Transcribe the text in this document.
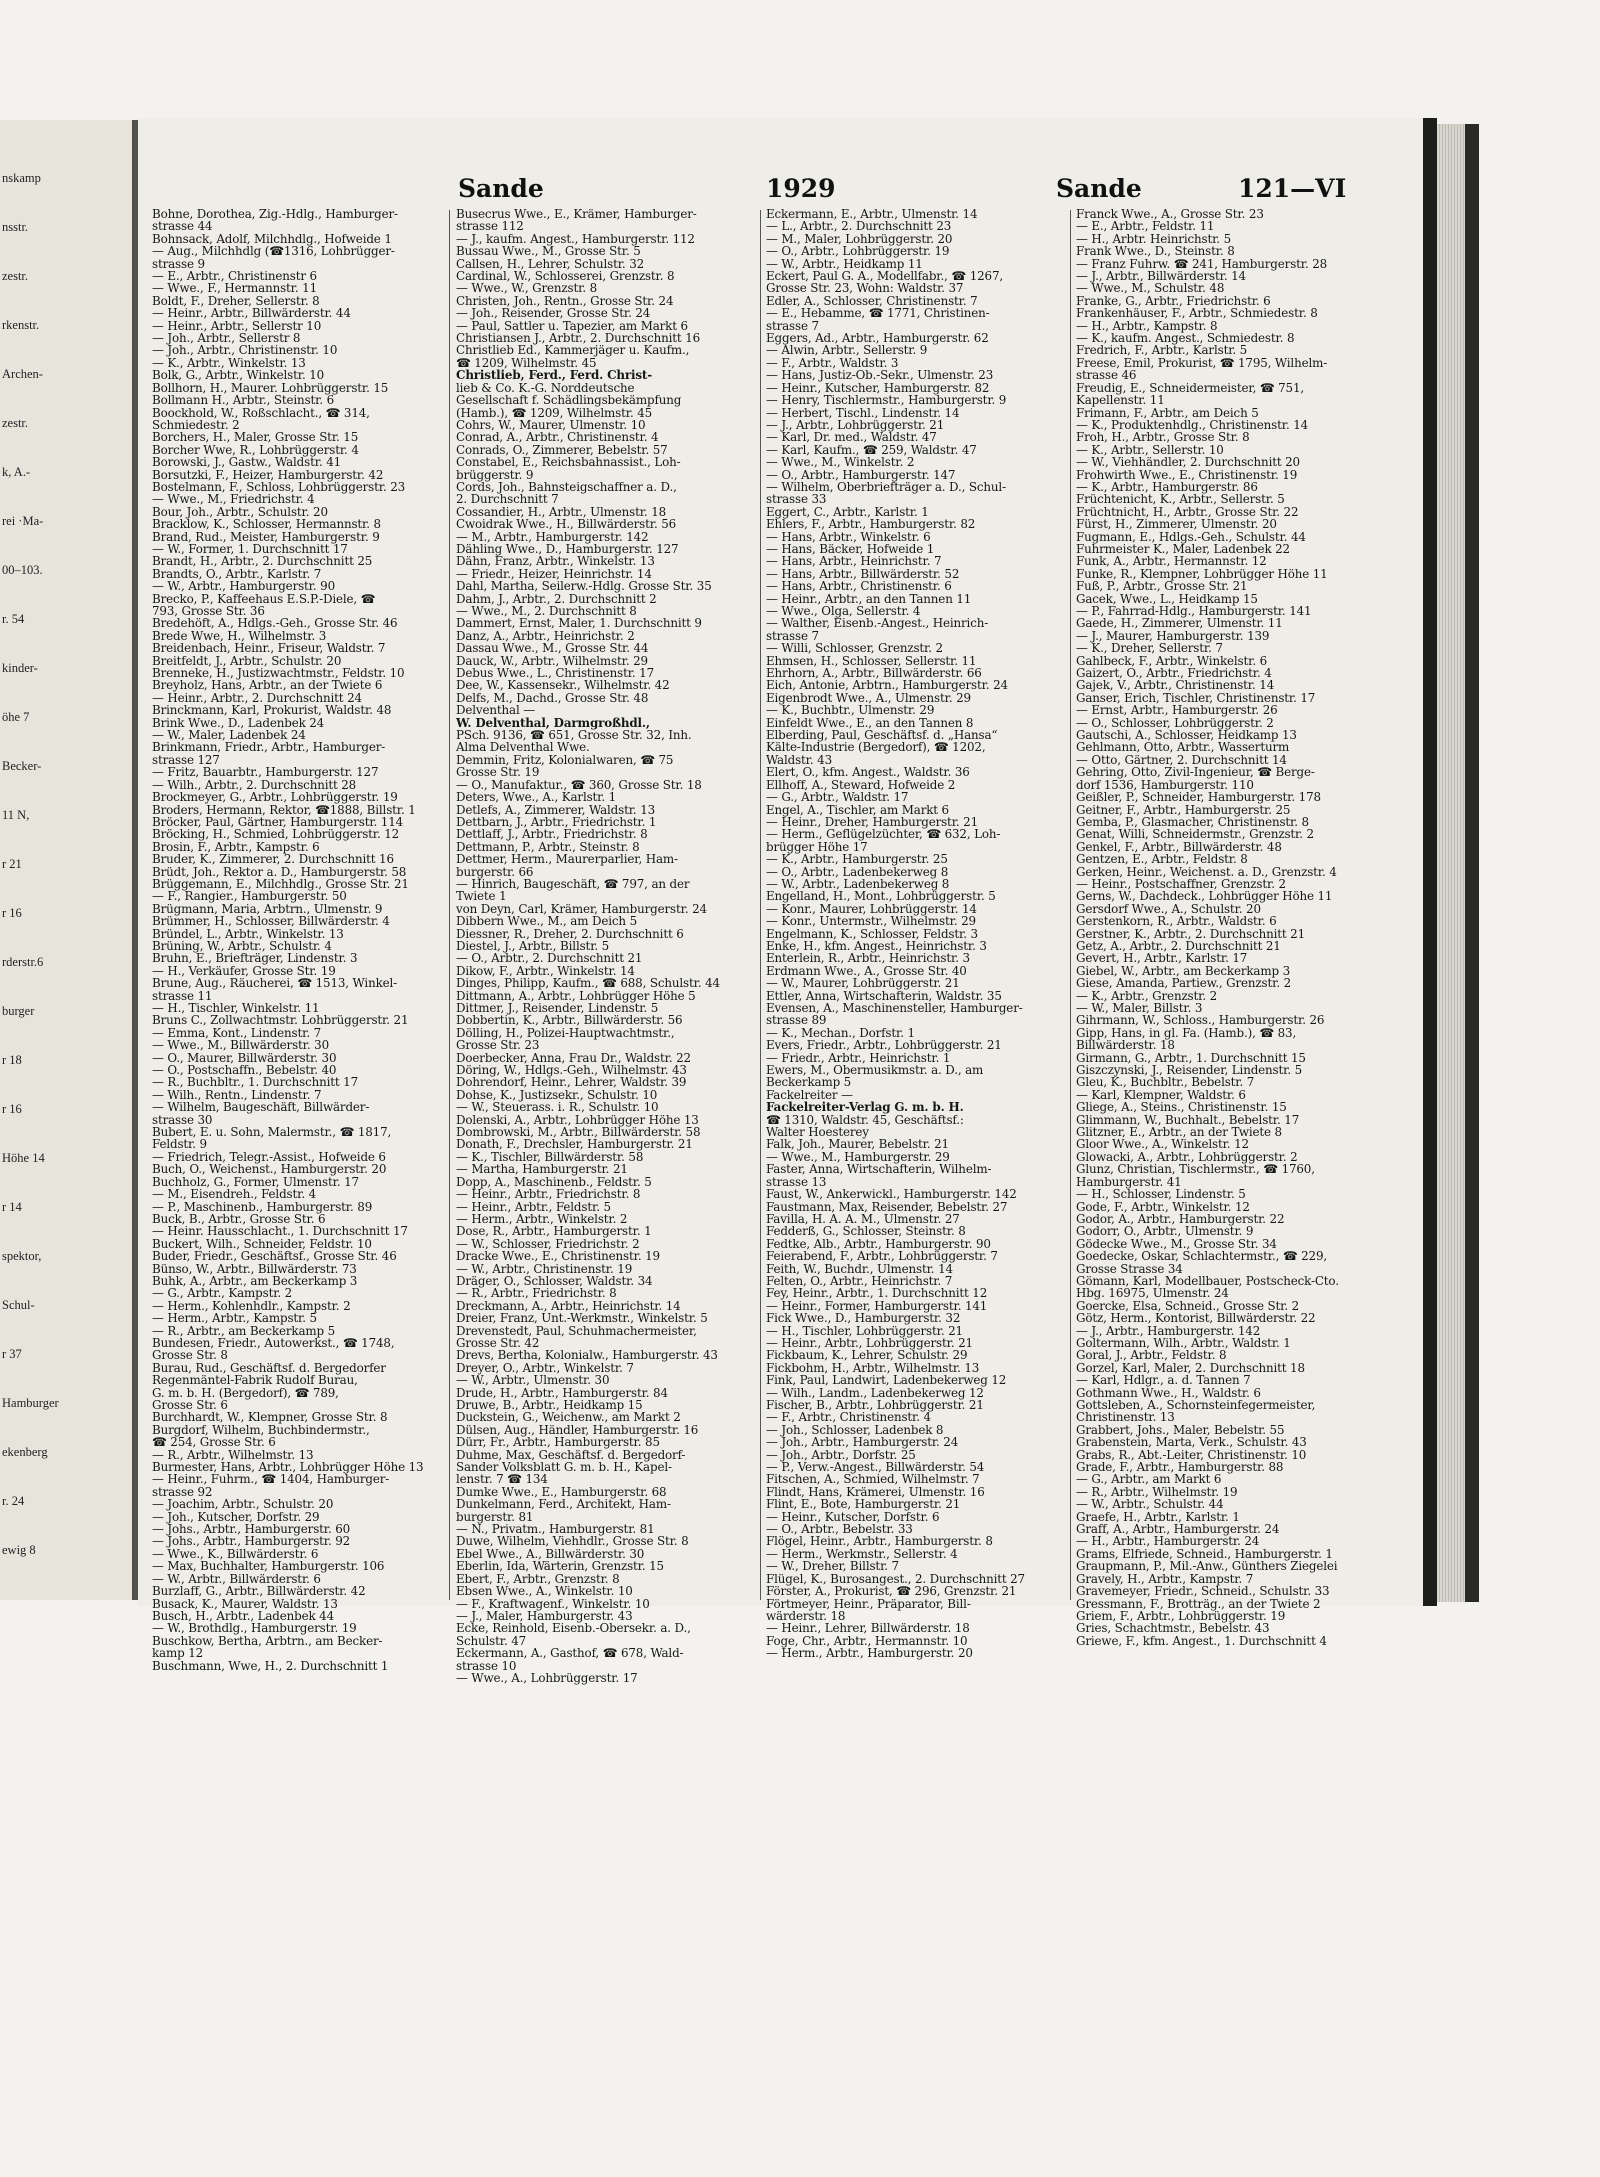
nskamp
nsstr.
zestr.
rkenstr.
Archen-
zestr.
k, A.-
rei ·Ma-
00–103.
r. 54
kinder-
öhe 7
Becker-
11 N,
r 21
r 16
rderstr.6
burger
r 18
r 16
Höhe 14
r 14
spektor,
Schul-
r 37
Hamburger
ekenberg
r. 24
ewig 8
Sande	1929	Sande	121—VI
Bohne, Dorothea, Zig.-Hdlg., Hamburger-
strasse 44
Bohnsack, Adolf, Milchhdlg., Hofweide 1
— Aug., Milchhdlg (☎1316, Lohbrügger-
strasse 9
— E., Arbtr., Christinenstr 6
— Wwe., F., Hermannstr. 11
Boldt, F., Dreher, Sellerstr. 8
— Heinr., Arbtr., Billwärderstr. 44
— Heinr., Arbtr., Sellerstr 10
— Joh., Arbtr., Sellerstr 8
— Joh., Arbtr., Christinenstr. 10
— K., Arbtr., Winkelstr. 13
Bolk, G., Arbtr., Winkelstr. 10
Bollhorn, H., Maurer. Lohbrüggerstr. 15
Bollmann H., Arbtr., Steinstr. 6
Boockhold, W., Roßschlacht., ☎ 314,
Schmiedestr. 2
Borchers, H., Maler, Grosse Str. 15
Borcher Wwe, R., Lohbrüggerstr. 4
Borowski, J., Gastw., Waldstr. 41
Borsutzki, F., Heizer, Hamburgerstr. 42
Bostelmann, F., Schloss, Lohbrüggerstr. 23
— Wwe., M., Friedrichstr. 4
Bour, Joh., Arbtr., Schulstr. 20
Bracklow, K., Schlosser, Hermannstr. 8
Brand, Rud., Meister, Hamburgerstr. 9
— W., Former, 1. Durchschnitt 17
Brandt, H., Arbtr., 2. Durchschnitt 25
Brandts, O., Arbtr., Karlstr. 7
— W., Arbtr., Hamburgerstr. 90
Brecko, P., Kaffeehaus E.S.P.-Diele, ☎
793, Grosse Str. 36
Bredehöft, A., Hdlgs.-Geh., Grosse Str. 46
Brede Wwe, H., Wilhelmstr. 3
Breidenbach, Heinr., Friseur, Waldstr. 7
Breitfeldt, J., Arbtr., Schulstr. 20
Brenneke, H., Justizwachtmstr., Feldstr. 10
Breyholz, Hans, Arbtr., an der Twiete 6
— Heinr., Arbtr., 2. Durchschnitt 24
Brinckmann, Karl, Prokurist, Waldstr. 48
Brink Wwe., D., Ladenbek 24
— W., Maler, Ladenbek 24
Brinkmann, Friedr., Arbtr., Hamburger-
strasse 127
— Fritz, Bauarbtr., Hamburgerstr. 127
— Wilh., Arbtr., 2. Durchschnitt 28
Brockmeyer, G., Arbtr., Lohbrüggerstr. 19
Broders, Hermann, Rektor, ☎1888, Billstr. 1
Bröcker, Paul, Gärtner, Hamburgerstr. 114
Bröcking, H., Schmied, Lohbrüggerstr. 12
Brosin, F., Arbtr., Kampstr. 6
Bruder, K., Zimmerer, 2. Durchschnitt 16
Brüdt, Joh., Rektor a. D., Hamburgerstr. 58
Brüggemann, E., Milchhdlg., Grosse Str. 21
— F., Rangier., Hamburgerstr. 50
Brügmann, Maria, Arbtrn., Ulmenstr. 9
Brümmer, H., Schlosser, Billwärderstr. 4
Bründel, L., Arbtr., Winkelstr. 13
Brüning, W., Arbtr., Schulstr. 4
Bruhn, E., Briefträger, Lindenstr. 3
— H., Verkäufer, Grosse Str. 19
Brune, Aug., Räucherei, ☎ 1513, Winkel-
strasse 11
— H., Tischler, Winkelstr. 11
Bruns C., Zollwachtmstr. Lohbrüggerstr. 21
— Emma, Kont., Lindenstr. 7
— Wwe., M., Billwärderstr. 30
— O., Maurer, Billwärderstr. 30
— O., Postschaffn., Bebelstr. 40
— R., Buchbltr., 1. Durchschnitt 17
— Wilh., Rentn., Lindenstr. 7
— Wilhelm, Baugeschäft, Billwärder-
strasse 30
Bubert, E. u. Sohn, Malermstr., ☎ 1817,
Feldstr. 9
— Friedrich, Telegr.-Assist., Hofweide 6
Buch, O., Weichenst., Hamburgerstr. 20
Buchholz, G., Former, Ulmenstr. 17
— M., Eisendreh., Feldstr. 4
— P., Maschinenb., Hamburgerstr. 89
Buck, B., Arbtr., Grosse Str. 6
— Heinr. Hausschlacht., 1. Durchschnitt 17
Buckert, Wilh., Schneider, Feldstr. 10
Buder, Friedr., Geschäftsf., Grosse Str. 46
Bünso, W., Arbtr., Billwärderstr. 73
Buhk, A., Arbtr., am Beckerkamp 3
— G., Arbtr., Kampstr. 2
— Herm., Kohlenhdlr., Kampstr. 2
— Herm., Arbtr., Kampstr. 5
— R., Arbtr., am Beckerkamp 5
Bundesen, Friedr., Autowerkst., ☎ 1748,
Grosse Str. 8
Burau, Rud., Geschäftsf. d. Bergedorfer
Regenmäntel-Fabrik Rudolf Burau,
G. m. b. H. (Bergedorf), ☎ 789,
Grosse Str. 6
Burchhardt, W., Klempner, Grosse Str. 8
Burgdorf, Wilhelm, Buchbindermstr.,
☎ 254, Grosse Str. 6
— R., Arbtr., Wilhelmstr. 13
Burmester, Hans, Arbtr., Lohbrügger Höhe 13
— Heinr., Fuhrm., ☎ 1404, Hamburger-
strasse 92
— Joachim, Arbtr., Schulstr. 20
— Joh., Kutscher, Dorfstr. 29
— Johs., Arbtr., Hamburgerstr. 60
— Johs., Arbtr., Hamburgerstr. 92
— Wwe., K., Billwärderstr. 6
— Max, Buchhalter, Hamburgerstr. 106
— W., Arbtr., Billwärderstr. 6
Burzlaff, G., Arbtr., Billwärderstr. 42
Busack, K., Maurer, Waldstr. 13
Busch, H., Arbtr., Ladenbek 44
— W., Brothdlg., Hamburgerstr. 19
Buschkow, Bertha, Arbtrn., am Becker-
kamp 12
Buschmann, Wwe, H., 2. Durchschnitt 1
Busecrus Wwe., E., Krämer, Hamburger-
strasse 112
— J., kaufm. Angest., Hamburgerstr. 112
Bussau Wwe., M., Grosse Str. 5
Callsen, H., Lehrer, Schulstr. 32
Cardinal, W., Schlosserei, Grenzstr. 8
— Wwe., W., Grenzstr. 8
Christen, Joh., Rentn., Grosse Str. 24
— Joh., Reisender, Grosse Str. 24
— Paul, Sattler u. Tapezier, am Markt 6
Christiansen J., Arbtr., 2. Durchschnitt 16
Christlieb Ed., Kammerjäger u. Kaufm.,
☎ 1209, Wilhelmstr. 45
Christlieb, Ferd., Ferd. Christ-
lieb & Co. K.-G. Norddeutsche
Gesellschaft f. Schädlingsbekämpfung
(Hamb.), ☎ 1209, Wilhelmstr. 45
Cohrs, W., Maurer, Ulmenstr. 10
Conrad, A., Arbtr., Christinenstr. 4
Conrads, O., Zimmerer, Bebelstr. 57
Constabel, E., Reichsbahnassist., Loh-
brüggerstr. 9
Cords, Joh., Bahnsteigschaffner a. D.,
2. Durchschnitt 7
Cossandier, H., Arbtr., Ulmenstr. 18
Cwoidrak Wwe., H., Billwärderstr. 56
— M., Arbtr., Hamburgerstr. 142
Dähling Wwe., D., Hamburgerstr. 127
Dähn, Franz, Arbtr., Winkelstr. 13
— Friedr., Heizer, Heinrichstr. 14
Dahl, Martha, Seilerw.-Hdlg. Grosse Str. 35
Dahm, J., Arbtr., 2. Durchschnitt 2
— Wwe., M., 2. Durchschnitt 8
Dammert, Ernst, Maler, 1. Durchschnitt 9
Danz, A., Arbtr., Heinrichstr. 2
Dassau Wwe., M., Grosse Str. 44
Dauck, W., Arbtr., Wilhelmstr. 29
Debus Wwe., L., Christinenstr. 17
Dee, W., Kassensekr., Wilhelmstr. 42
Delfs, M., Dachd., Grosse Str. 48
Delventhal —
W. Delventhal, Darmgroßhdl.,
PSch. 9136, ☎ 651, Grosse Str. 32, Inh.
Alma Delventhal Wwe.
Demmin, Fritz, Kolonialwaren, ☎ 75
Grosse Str. 19
— O., Manufaktur., ☎ 360, Grosse Str. 18
Deters, Wwe., A., Karlstr. 1
Detlefs, A., Zimmerer, Waldstr. 13
Dettbarn, J., Arbtr., Friedrichstr. 1
Dettlaff, J., Arbtr., Friedrichstr. 8
Dettmann, P., Arbtr., Steinstr. 8
Dettmer, Herm., Maurerparlier, Ham-
burgerstr. 66
— Hinrich, Baugeschäft, ☎ 797, an der
Twiete 1
von Deyn, Carl, Krämer, Hamburgerstr. 24
Dibbern Wwe., M., am Deich 5
Diessner, R., Dreher, 2. Durchschnitt 6
Diestel, J., Arbtr., Billstr. 5
— O., Arbtr., 2. Durchschnitt 21
Dikow, F., Arbtr., Winkelstr. 14
Dinges, Philipp, Kaufm., ☎ 688, Schulstr. 44
Dittmann, A., Arbtr., Lohbrügger Höhe 5
Dittmer, J., Reisender, Lindenstr. 5
Dobbertin, K., Arbtr., Billwärderstr. 56
Dölling, H., Polizei-Hauptwachtmstr.,
Grosse Str. 23
Doerbecker, Anna, Frau Dr., Waldstr. 22
Döring, W., Hdlgs.-Geh., Wilhelmstr. 43
Dohrendorf, Heinr., Lehrer, Waldstr. 39
Dohse, K., Justizsekr., Schulstr. 10
— W., Steuerass. i. R., Schulstr. 10
Dolenski, A., Arbtr., Lohbrügger Höhe 13
Dombrowski, M., Arbtr., Billwärderstr. 58
Donath, F., Drechsler, Hamburgerstr. 21
— K., Tischler, Billwärderstr. 58
— Martha, Hamburgerstr. 21
Dopp, A., Maschinenb., Feldstr. 5
— Heinr., Arbtr., Friedrichstr. 8
— Heinr., Arbtr., Feldstr. 5
— Herm., Arbtr., Winkelstr. 2
Dose, R., Arbtr., Hamburgerstr. 1
— W., Schlosser, Friedrichstr. 2
Dracke Wwe., E., Christinenstr. 19
— W., Arbtr., Christinenstr. 19
Dräger, O., Schlosser, Waldstr. 34
— R., Arbtr., Friedrichstr. 8
Dreckmann, A., Arbtr., Heinrichstr. 14
Dreier, Franz, Unt.-Werkmstr., Winkelstr. 5
Drevenstedt, Paul, Schuhmachermeister,
Grosse Str. 42
Drevs, Bertha, Kolonialw., Hamburgerstr. 43
Dreyer, O., Arbtr., Winkelstr. 7
— W., Arbtr., Ulmenstr. 30
Drude, H., Arbtr., Hamburgerstr. 84
Druwe, B., Arbtr., Heidkamp 15
Duckstein, G., Weichenw., am Markt 2
Dülsen, Aug., Händler, Hamburgerstr. 16
Dürr, Fr., Arbtr., Hamburgerstr. 85
Duhme, Max, Geschäftsf. d. Bergedorf-
Sander Volksblatt G. m. b. H., Kapel-
lenstr. 7 ☎ 134
Dumke Wwe., E., Hamburgerstr. 68
Dunkelmann, Ferd., Architekt, Ham-
burgerstr. 81
— N., Privatm., Hamburgerstr. 81
Duwe, Wilhelm, Viehhdlr., Grosse Str. 8
Ebel Wwe., A., Billwärderstr. 30
Eberlin, Ida, Wärterin, Grenzstr. 15
Ebert, F., Arbtr., Grenzstr. 8
Ebsen Wwe., A., Winkelstr. 10
— F., Kraftwagenf., Winkelstr. 10
— J., Maler, Hamburgerstr. 43
Ecke, Reinhold, Eisenb.-Obersekr. a. D.,
Schulstr. 47
Eckermann, A., Gasthof, ☎ 678, Wald-
strasse 10
— Wwe., A., Lohbrüggerstr. 17
Eckermann, E., Arbtr., Ulmenstr. 14
— L., Arbtr., 2. Durchschnitt 23
— M., Maler, Lohbrüggerstr. 20
— O., Arbtr., Lohbrüggerstr. 19
— W., Arbtr., Heidkamp 11
Eckert, Paul G. A., Modellfabr., ☎ 1267,
Grosse Str. 23, Wohn: Waldstr. 37
Edler, A., Schlosser, Christinenstr. 7
— E., Hebamme, ☎ 1771, Christinen-
strasse 7
Eggers, Ad., Arbtr., Hamburgerstr. 62
— Alwin, Arbtr., Sellerstr. 9
— F., Arbtr., Waldstr. 3
— Hans, Justiz-Ob.-Sekr., Ulmenstr. 23
— Heinr., Kutscher, Hamburgerstr. 82
— Henry, Tischlermstr., Hamburgerstr. 9
— Herbert, Tischl., Lindenstr. 14
— J., Arbtr., Lohbrüggerstr. 21
— Karl, Dr. med., Waldstr. 47
— Karl, Kaufm., ☎ 259, Waldstr. 47
— Wwe., M., Winkelstr. 2
— O., Arbtr., Hamburgerstr. 147
— Wilhelm, Oberbriefträger a. D., Schul-
strasse 33
Eggert, C., Arbtr., Karlstr. 1
Ehlers, F., Arbtr., Hamburgerstr. 82
— Hans, Arbtr., Winkelstr. 6
— Hans, Bäcker, Hofweide 1
— Hans, Arbtr., Heinrichstr. 7
— Hans, Arbtr., Billwärderstr. 52
— Hans, Arbtr., Christinenstr. 6
— Heinr., Arbtr., an den Tannen 11
— Wwe., Olga, Sellerstr. 4
— Walther, Eisenb.-Angest., Heinrich-
strasse 7
— Willi, Schlosser, Grenzstr. 2
Ehmsen, H., Schlosser, Sellerstr. 11
Ehrhorn, A., Arbtr., Billwärderstr. 66
Eich, Antonie, Arbtrn., Hamburgerstr. 24
Eigenbrodt Wwe., A., Ulmenstr. 29
— K., Buchbtr., Ulmenstr. 29
Einfeldt Wwe., E., an den Tannen 8
Elberding, Paul, Geschäftsf. d. „Hansa“
Kälte-Industrie (Bergedorf), ☎ 1202,
Waldstr. 43
Elert, O., kfm. Angest., Waldstr. 36
Ellhoff, A., Steward, Hofweide 2
— G., Arbtr., Waldstr. 17
Engel, A., Tischler, am Markt 6
— Heinr., Dreher, Hamburgerstr. 21
— Herm., Geflügelzüchter, ☎ 632, Loh-
brügger Höhe 17
— K., Arbtr., Hamburgerstr. 25
— O., Arbtr., Ladenbekerweg 8
— W., Arbtr., Ladenbekerweg 8
Engelland, H., Mont., Lohbrüggerstr. 5
— Konr., Maurer, Lohbrüggerstr. 14
— Konr., Untermstr., Wilhelmstr. 29
Engelmann, K., Schlosser, Feldstr. 3
Enke, H., kfm. Angest., Heinrichstr. 3
Enterlein, R., Arbtr., Heinrichstr. 3
Erdmann Wwe., A., Grosse Str. 40
— W., Maurer, Lohbrüggerstr. 21
Ettler, Anna, Wirtschafterin, Waldstr. 35
Evensen, A., Maschinensteller, Hamburger-
strasse 89
— K., Mechan., Dorfstr. 1
Evers, Friedr., Arbtr., Lohbrüggerstr. 21
— Friedr., Arbtr., Heinrichstr. 1
Ewers, M., Obermusikmstr. a. D., am
Beckerkamp 5
Fackelreiter —
Fackelreiter-Verlag G. m. b. H.
☎ 1310, Waldstr. 45, Geschäftsf.:
Walter Hoesterey
Falk, Joh., Maurer, Bebelstr. 21
— Wwe., M., Hamburgerstr. 29
Faster, Anna, Wirtschafterin, Wilhelm-
strasse 13
Faust, W., Ankerwickl., Hamburgerstr. 142
Faustmann, Max, Reisender, Bebelstr. 27
Favilla, H. A. A. M., Ulmenstr. 27
Fedderß, G., Schlosser, Steinstr. 8
Fedtke, Alb., Arbtr., Hamburgerstr. 90
Feierabend, F., Arbtr., Lohbrüggerstr. 7
Feith, W., Buchdr., Ulmenstr. 14
Felten, O., Arbtr., Heinrichstr. 7
Fey, Heinr., Arbtr., 1. Durchschnitt 12
— Heinr., Former, Hamburgerstr. 141
Fick Wwe., D., Hamburgerstr. 32
— H., Tischler, Lohbrüggerstr. 21
— Heinr., Arbtr., Lohbrüggerstr. 21
Fickbaum, K., Lehrer, Schulstr. 29
Fickbohm, H., Arbtr., Wilhelmstr. 13
Fink, Paul, Landwirt, Ladenbekerweg 12
— Wilh., Landm., Ladenbekerweg 12
Fischer, B., Arbtr., Lohbrüggerstr. 21
— F., Arbtr., Christinenstr. 4
— Joh., Schlosser, Ladenbek 8
— Joh., Arbtr., Hamburgerstr. 24
— Joh., Arbtr., Dorfstr. 25
— P., Verw.-Angest., Billwärderstr. 54
Fitschen, A., Schmied, Wilhelmstr. 7
Flindt, Hans, Krämerei, Ulmenstr. 16
Flint, E., Bote, Hamburgerstr. 21
— Heinr., Kutscher, Dorfstr. 6
— O., Arbtr., Bebelstr. 33
Flögel, Heinr., Arbtr., Hamburgerstr. 8
— Herm., Werkmstr., Sellerstr. 4
— W., Dreher, Billstr. 7
Flügel, K., Burosangest., 2. Durchschnitt 27
Förster, A., Prokurist, ☎ 296, Grenzstr. 21
Förtmeyer, Heinr., Präparator, Bill-
wärderstr. 18
— Heinr., Lehrer, Billwärderstr. 18
Foge, Chr., Arbtr., Hermannstr. 10
— Herm., Arbtr., Hamburgerstr. 20
Franck Wwe., A., Grosse Str. 23
— E., Arbtr., Feldstr. 11
— H., Arbtr. Heinrichstr. 5
Frank Wwe., D., Steinstr. 8
— Franz Fuhrw. ☎ 241, Hamburgerstr. 28
— J., Arbtr., Billwärderstr. 14
— Wwe., M., Schulstr. 48
Franke, G., Arbtr., Friedrichstr. 6
Frankenhäuser, F., Arbtr., Schmiedestr. 8
— H., Arbtr., Kampstr. 8
— K., kaufm. Angest., Schmiedestr. 8
Fredrich, F., Arbtr., Karlstr. 5
Freese, Emil, Prokurist, ☎ 1795, Wilhelm-
strasse 46
Freudig, E., Schneidermeister, ☎ 751,
Kapellenstr. 11
Frimann, F., Arbtr., am Deich 5
— K., Produktenhdlg., Christinenstr. 14
Froh, H., Arbtr., Grosse Str. 8
— K., Arbtr., Sellerstr. 10
— W., Viehhändler, 2. Durchschnitt 20
Frohwirth Wwe., E., Christinenstr. 19
— K., Arbtr., Hamburgerstr. 86
Früchtenicht, K., Arbtr., Sellerstr. 5
Früchtnicht, H., Arbtr., Grosse Str. 22
Fürst, H., Zimmerer, Ulmenstr. 20
Fugmann, E., Hdlgs.-Geh., Schulstr. 44
Fuhrmeister K., Maler, Ladenbek 22
Funk, A., Arbtr., Hermannstr. 12
Funke, R., Klempner, Lohbrügger Höhe 11
Fuß, P., Arbtr., Grosse Str. 21
Gacek, Wwe., L., Heidkamp 15
— P., Fahrrad-Hdlg., Hamburgerstr. 141
Gaede, H., Zimmerer, Ulmenstr. 11
— J., Maurer, Hamburgerstr. 139
— K., Dreher, Sellerstr. 7
Gahlbeck, F., Arbtr., Winkelstr. 6
Gaizert, O., Arbtr., Friedrichstr. 4
Gajek, V., Arbtr., Christinenstr. 14
Ganser, Erich, Tischler, Christinenstr. 17
— Ernst, Arbtr., Hamburgerstr. 26
— O., Schlosser, Lohbrüggerstr. 2
Gautschi, A., Schlosser, Heidkamp 13
Gehlmann, Otto, Arbtr., Wasserturm
— Otto, Gärtner, 2. Durchschnitt 14
Gehring, Otto, Zivil-Ingenieur, ☎ Berge-
dorf 1536, Hamburgerstr. 110
Geißler, P., Schneider, Hamburgerstr. 178
Geitner, F., Arbtr., Hamburgerstr. 25
Gemba, P., Glasmacher, Christinenstr. 8
Genat, Willi, Schneidermstr., Grenzstr. 2
Genkel, F., Arbtr., Billwärderstr. 48
Gentzen, E., Arbtr., Feldstr. 8
Gerken, Heinr., Weichenst. a. D., Grenzstr. 4
— Heinr., Postschaffner, Grenzstr. 2
Gerns, W., Dachdeck., Lohbrügger Höhe 11
Gersdorf Wwe., A., Schulstr. 20
Gerstenkorn, R., Arbtr., Waldstr. 6
Gerstner, K., Arbtr., 2. Durchschnitt 21
Getz, A., Arbtr., 2. Durchschnitt 21
Gevert, H., Arbtr., Karlstr. 17
Giebel, W., Arbtr., am Beckerkamp 3
Giese, Amanda, Partiew., Grenzstr. 2
— K., Arbtr., Grenzstr. 2
— W., Maler, Billstr. 3
Gihrmann, W., Schloss., Hamburgerstr. 26
Gipp, Hans, in gl. Fa. (Hamb.), ☎ 83,
Billwärderstr. 18
Girmann, G., Arbtr., 1. Durchschnitt 15
Giszczynski, J., Reisender, Lindenstr. 5
Gleu, K., Buchbltr., Bebelstr. 7
— Karl, Klempner, Waldstr. 6
Gliege, A., Steins., Christinenstr. 15
Glimmann, W., Buchhalt., Bebelstr. 17
Glitzner, E., Arbtr., an der Twiete 8
Gloor Wwe., A., Winkelstr. 12
Glowacki, A., Arbtr., Lohbrüggerstr. 2
Glunz, Christian, Tischlermstr., ☎ 1760,
Hamburgerstr. 41
— H., Schlosser, Lindenstr. 5
Gode, F., Arbtr., Winkelstr. 12
Godor, A., Arbtr., Hamburgerstr. 22
Godorr, O., Arbtr., Ulmenstr. 9
Gödecke Wwe., M., Grosse Str. 34
Goedecke, Oskar, Schlachtermstr., ☎ 229,
Grosse Strasse 34
Gömann, Karl, Modellbauer, Postscheck-Cto.
Hbg. 16975, Ulmenstr. 24
Goercke, Elsa, Schneid., Grosse Str. 2
Götz, Herm., Kontorist, Billwärderstr. 22
— J., Arbtr., Hamburgerstr. 142
Goltermann, Wilh., Arbtr., Waldstr. 1
Goral, J., Arbtr., Feldstr. 8
Gorzel, Karl, Maler, 2. Durchschnitt 18
— Karl, Hdlgr., a. d. Tannen 7
Gothmann Wwe., H., Waldstr. 6
Gottsleben, A., Schornsteinfegermeister,
Christinenstr. 13
Grabbert, Johs., Maler, Bebelstr. 55
Grabenstein, Marta, Verk., Schulstr. 43
Grabs, R., Abt.-Leiter, Christinenstr. 10
Grade, F., Arbtr., Hamburgerstr. 88
— G., Arbtr., am Markt 6
— R., Arbtr., Wilhelmstr. 19
— W., Arbtr., Schulstr. 44
Graefe, H., Arbtr., Karlstr. 1
Graff, A., Arbtr., Hamburgerstr. 24
— H., Arbtr., Hamburgerstr. 24
Grams, Elfriede, Schneid., Hamburgerstr. 1
Graupmann, P., Mil.-Anw., Günthers Ziegelei
Gravely, H., Arbtr., Kampstr. 7
Gravemeyer, Friedr., Schneid., Schulstr. 33
Gressmann, F., Brotträg., an der Twiete 2
Griem, F., Arbtr., Lohbrüggerstr. 19
Gries, Schachtmstr., Bebelstr. 43
Griewe, F., kfm. Angest., 1. Durchschnitt 4
